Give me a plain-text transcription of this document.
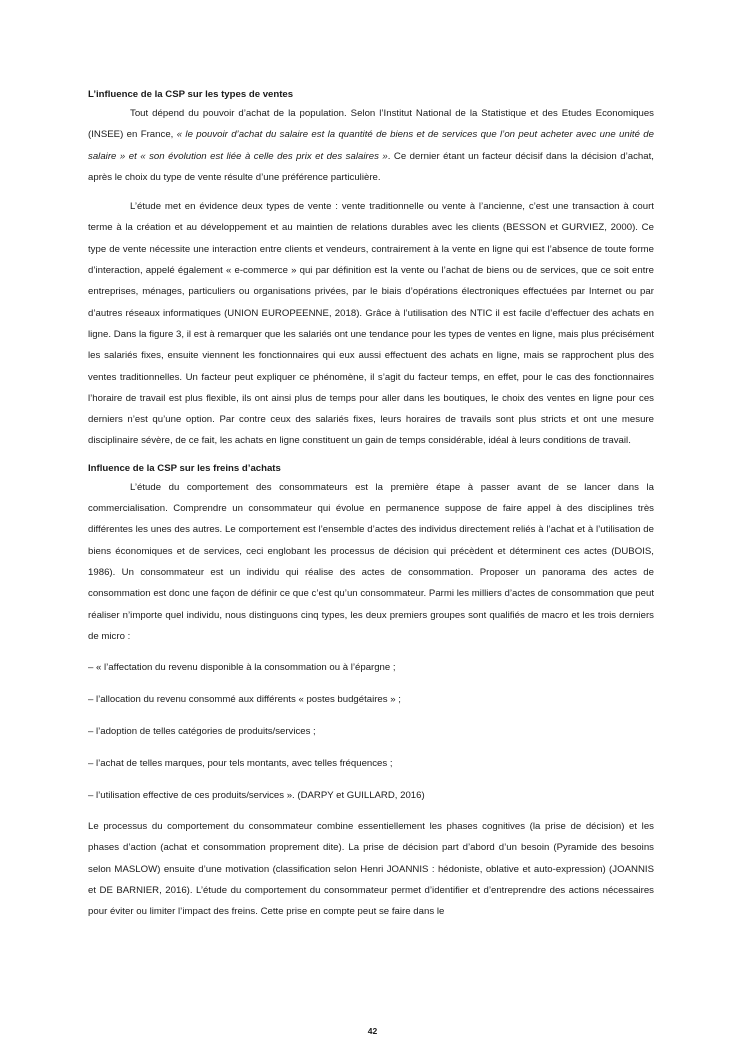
L’influence de la CSP sur les types de ventes

Tout dépend du pouvoir d’achat de la population. Selon l’Institut National de la Statistique et des Etudes Economiques (INSEE) en France, « le pouvoir d’achat du salaire est la quantité de biens et de services que l’on peut acheter avec une unité de salaire » et « son évolution est liée à celle des prix et des salaires ». Ce dernier étant un facteur décisif dans la décision d’achat, après le choix du type de vente résulte d’une préférence particulière.

L’étude met en évidence deux types de vente : vente traditionnelle ou vente à l’ancienne, c’est une transaction à court terme à la création et au développement et au maintien de relations durables avec les clients (BESSON et GURVIEZ, 2000). Ce type de vente nécessite une interaction entre clients et vendeurs, contrairement à la vente en ligne qui est l’absence de toute forme d’interaction, appelé également « e-commerce » qui par définition est la vente ou l’achat de biens ou de services, que ce soit entre entreprises, ménages, particuliers ou organisations privées, par le biais d’opérations électroniques effectuées par Internet ou par d’autres réseaux informatiques (UNION EUROPEENNE, 2018). Grâce à l’utilisation des NTIC il est facile d’effectuer des achats en ligne. Dans la figure 3, il est à remarquer que les salariés ont une tendance pour les types de ventes en ligne, mais plus précisément les salariés fixes, ensuite viennent les fonctionnaires qui eux aussi effectuent des achats en ligne, mais se rapprochent plus des ventes traditionnelles. Un facteur peut expliquer ce phénomène, il s’agit du facteur temps, en effet, pour le cas des fonctionnaires l’horaire de travail est plus flexible, ils ont ainsi plus de temps pour aller dans les boutiques, le choix des ventes en ligne pour ces derniers n’est qu’une option. Par contre ceux des salariés fixes, leurs horaires de travails sont plus stricts et ont une mesure disciplinaire sévère, de ce fait, les achats en ligne constituent un gain de temps considérable, idéal à leurs conditions de travail.

Influence de la CSP sur les freins d’achats

L’étude du comportement des consommateurs est la première étape à passer avant de se lancer dans la commercialisation. Comprendre un consommateur qui évolue en permanence suppose de faire appel à des disciplines très différentes les unes des autres. Le comportement est l’ensemble d’actes des individus directement reliés à l’achat et à l’utilisation de biens économiques et de services, ceci englobant les processus de décision qui précèdent et déterminent ces actes (DUBOIS, 1986). Un consommateur est un individu qui réalise des actes de consommation. Proposer un panorama des actes de consommation est donc une façon de définir ce que c’est qu’un consommateur. Parmi les milliers d’actes de consommation que peut réaliser n’importe quel individu, nous distinguons cinq types, les deux premiers groupes sont qualifiés de macro et les trois derniers de micro :

– « l’affectation du revenu disponible à la consommation ou à l’épargne ;
– l’allocation du revenu consommé aux différents « postes budgétaires » ;
– l’adoption de telles catégories de produits/services ;
– l’achat de telles marques, pour tels montants, avec telles fréquences ;
– l’utilisation effective de ces produits/services ». (DARPY et GUILLARD, 2016)

Le processus du comportement du consommateur combine essentiellement les phases cognitives (la prise de décision) et les phases d’action (achat et consommation proprement dite). La prise de décision part d’abord d’un besoin (Pyramide des besoins selon MASLOW) ensuite d’une motivation (classification selon Henri JOANNIS : hédoniste, oblative et auto-expression) (JOANNIS et DE BARNIER, 2016). L’étude du comportement du consommateur permet d’identifier et d’entreprendre des actions nécessaires pour éviter ou limiter l’impact des freins. Cette prise en compte peut se faire dans le

42
